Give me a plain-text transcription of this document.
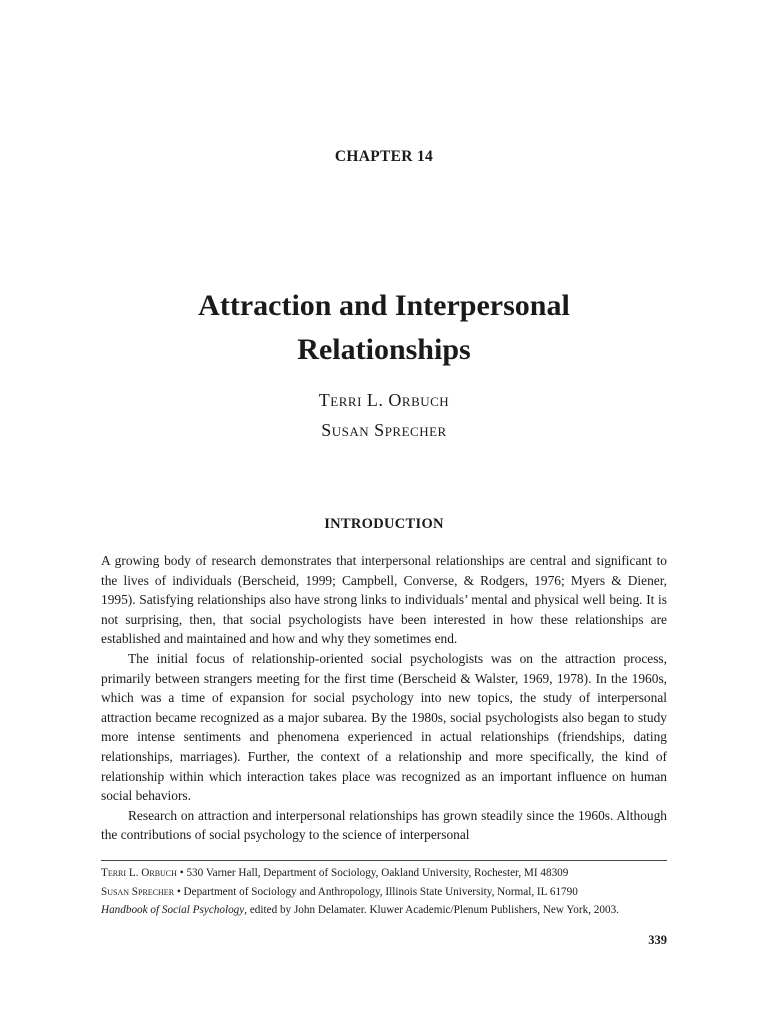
CHAPTER 14
Attraction and Interpersonal
Relationships
Terri L. Orbuch
Susan Sprecher
INTRODUCTION

A growing body of research demonstrates that interpersonal relationships are central and significant to the lives of individuals (Berscheid, 1999; Campbell, Converse, & Rodgers, 1976; Myers & Diener, 1995). Satisfying relationships also have strong links to individuals’ mental and physical well being. It is not surprising, then, that social psychologists have been interested in how these relationships are established and maintained and how and why they sometimes end.

The initial focus of relationship-oriented social psychologists was on the attraction process, primarily between strangers meeting for the first time (Berscheid & Walster, 1969, 1978). In the 1960s, which was a time of expansion for social psychology into new topics, the study of interpersonal attraction became recognized as a major subarea. By the 1980s, social psychologists also began to study more intense sentiments and phenomena experienced in actual relationships (friendships, dating relationships, marriages). Further, the context of a relationship and more specifically, the kind of relationship within which interaction takes place was recognized as an important influence on human social behaviors.

Research on attraction and interpersonal relationships has grown steadily since the 1960s. Although the contributions of social psychology to the science of interpersonal

Terri L. Orbuch • 530 Varner Hall, Department of Sociology, Oakland University, Rochester, MI 48309
Susan Sprecher • Department of Sociology and Anthropology, Illinois State University, Normal, IL 61790
Handbook of Social Psychology, edited by John Delamater. Kluwer Academic/Plenum Publishers, New York, 2003.
339
